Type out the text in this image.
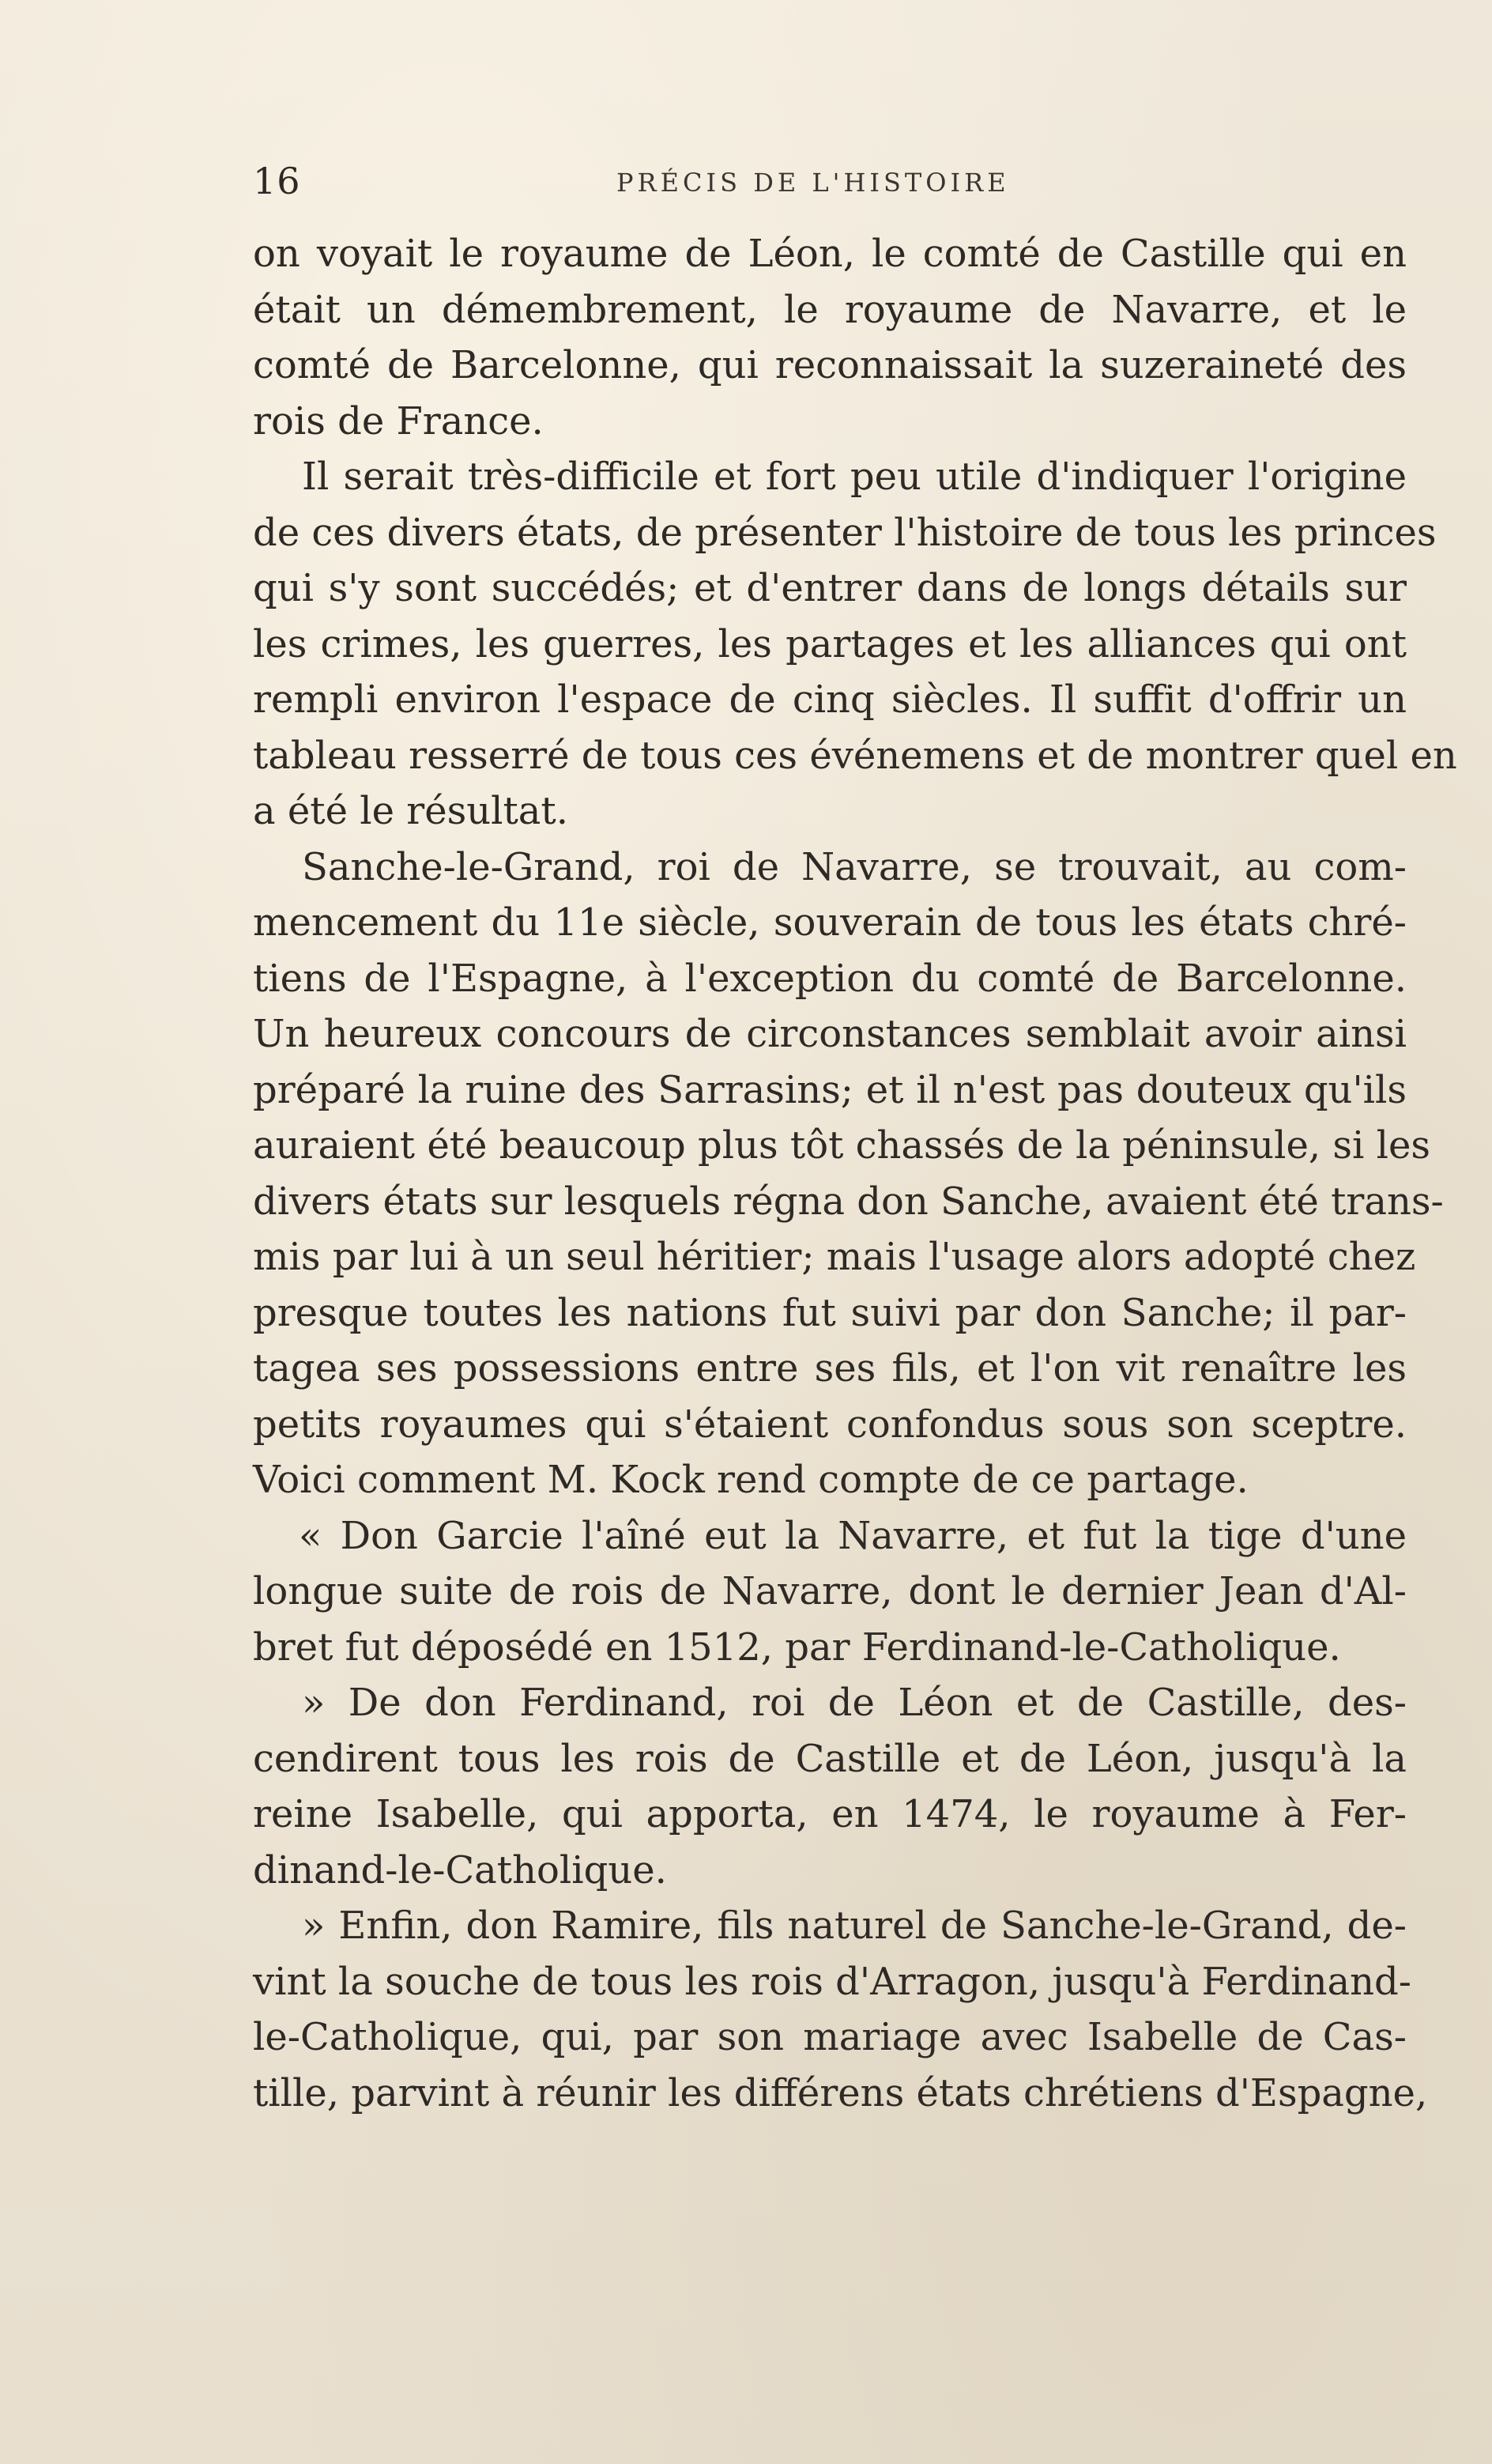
16	PRÉCIS DE L'HISTOIRE
on voyait le royaume de Léon, le comté de Castille qui en
était un démembrement, le royaume de Navarre, et le
comté de Barcelonne, qui reconnaissait la suzeraineté des
rois de France.
Il serait très-difficile et fort peu utile d'indiquer l'origine
de ces divers états, de présenter l'histoire de tous les princes
qui s'y sont succédés; et d'entrer dans de longs détails sur
les crimes, les guerres, les partages et les alliances qui ont
rempli environ l'espace de cinq siècles. Il suffit d'offrir un
tableau resserré de tous ces événemens et de montrer quel en
a été le résultat.
Sanche-le-Grand, roi de Navarre, se trouvait, au com-
mencement du 11e siècle, souverain de tous les états chré-
tiens de l'Espagne, à l'exception du comté de Barcelonne.
Un heureux concours de circonstances semblait avoir ainsi
préparé la ruine des Sarrasins; et il n'est pas douteux qu'ils
auraient été beaucoup plus tôt chassés de la péninsule, si les
divers états sur lesquels régna don Sanche, avaient été trans-
mis par lui à un seul héritier; mais l'usage alors adopté chez
presque toutes les nations fut suivi par don Sanche; il par-
tagea ses possessions entre ses fils, et l'on vit renaître les
petits royaumes qui s'étaient confondus sous son sceptre.
Voici comment M. Kock rend compte de ce partage.
« Don Garcie l'aîné eut la Navarre, et fut la tige d'une
longue suite de rois de Navarre, dont le dernier Jean d'Al-
bret fut déposédé en 1512, par Ferdinand-le-Catholique.
» De don Ferdinand, roi de Léon et de Castille, des-
cendirent tous les rois de Castille et de Léon, jusqu'à la
reine Isabelle, qui apporta, en 1474, le royaume à Fer-
dinand-le-Catholique.
» Enfin, don Ramire, fils naturel de Sanche-le-Grand, de-
vint la souche de tous les rois d'Arragon, jusqu'à Ferdinand-
le-Catholique, qui, par son mariage avec Isabelle de Cas-
tille, parvint à réunir les différens états chrétiens d'Espagne,
